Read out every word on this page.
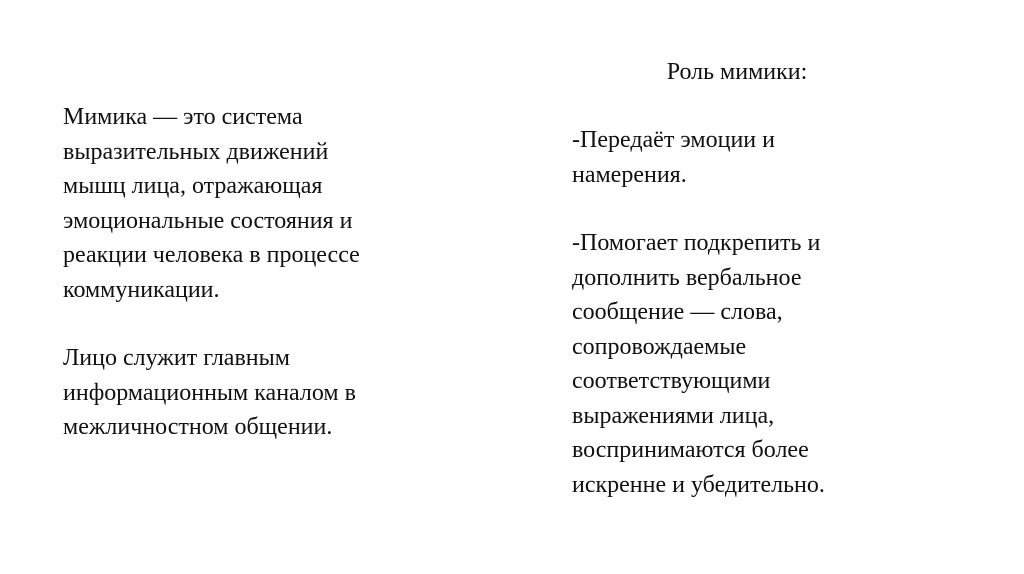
Роль мимики:

Мимика — это система
выразительных движений
мышц лица, отражающая
эмоциональные состояния и
реакции человека в процессе
коммуникации.

Лицо служит главным
информационным каналом в
межличностном общении.

-Передаёт эмоции и
намерения.

-Помогает подкрепить и
дополнить вербальное
сообщение — слова,
сопровождаемые
соответствующими
выражениями лица,
воспринимаются более
искренне и убедительно.
